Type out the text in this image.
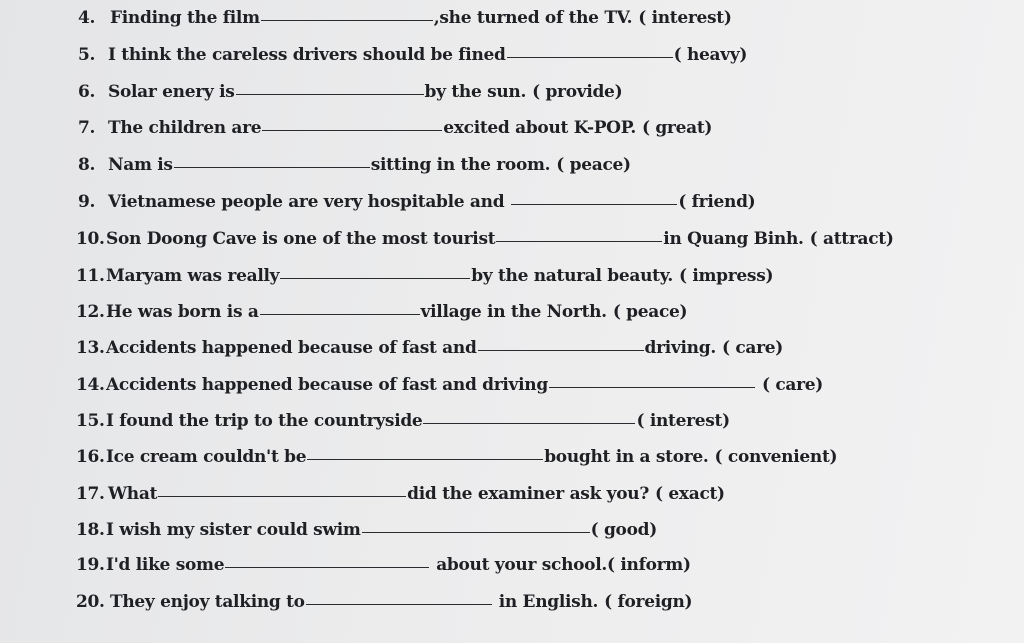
4. Finding the film	,she turned of the TV. ( interest)
5. I think the careless drivers should be fined	( heavy)
6. Solar enery is	by the sun. ( provide)
7. The children are	excited about K-POP. ( great)
8. Nam is	sitting in the room. ( peace)
9. Vietnamese people are very hospitable and	( friend)
10. Son Doong Cave is one of the most tourist	in Quang Binh. ( attract)
11. Maryam was really	by the natural beauty. ( impress)
12. He was born is a	village in the North. ( peace)
13. Accidents happened because of fast and	driving. ( care)
14. Accidents happened because of fast and driving	( care)
15. I found the trip to the countryside	( interest)
16. Ice cream couldn't be	bought in a store. ( convenient)
17. What	did the examiner ask you? ( exact)
18. I wish my sister could swim	( good)
19. I'd like some	about your school. ( inform)
20. They enjoy talking to	in English. ( foreign)
